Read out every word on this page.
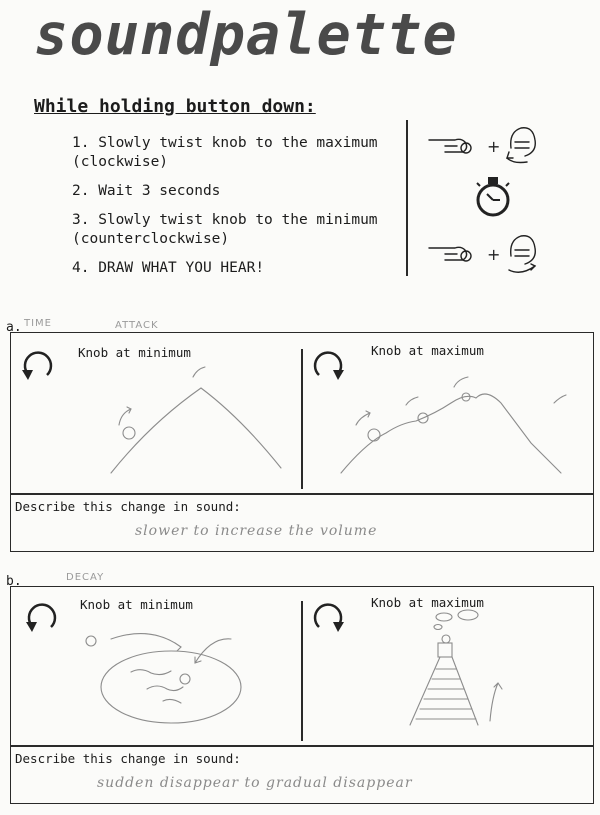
soundpalette
While holding button down:
1. Slowly twist knob to the maximum (clockwise)
2. Wait 3 seconds
3. Slowly twist knob to the minimum (counterclockwise)
4. DRAW WHAT YOU HEAR!
+
+
a. TIME	ATTACK
Knob at minimum	Knob at maximum
Describe this change in sound:
slower to increase the volume
b.	DECAY
Knob at minimum	Knob at maximum
Describe this change in sound:
sudden disappear to gradual disappear
